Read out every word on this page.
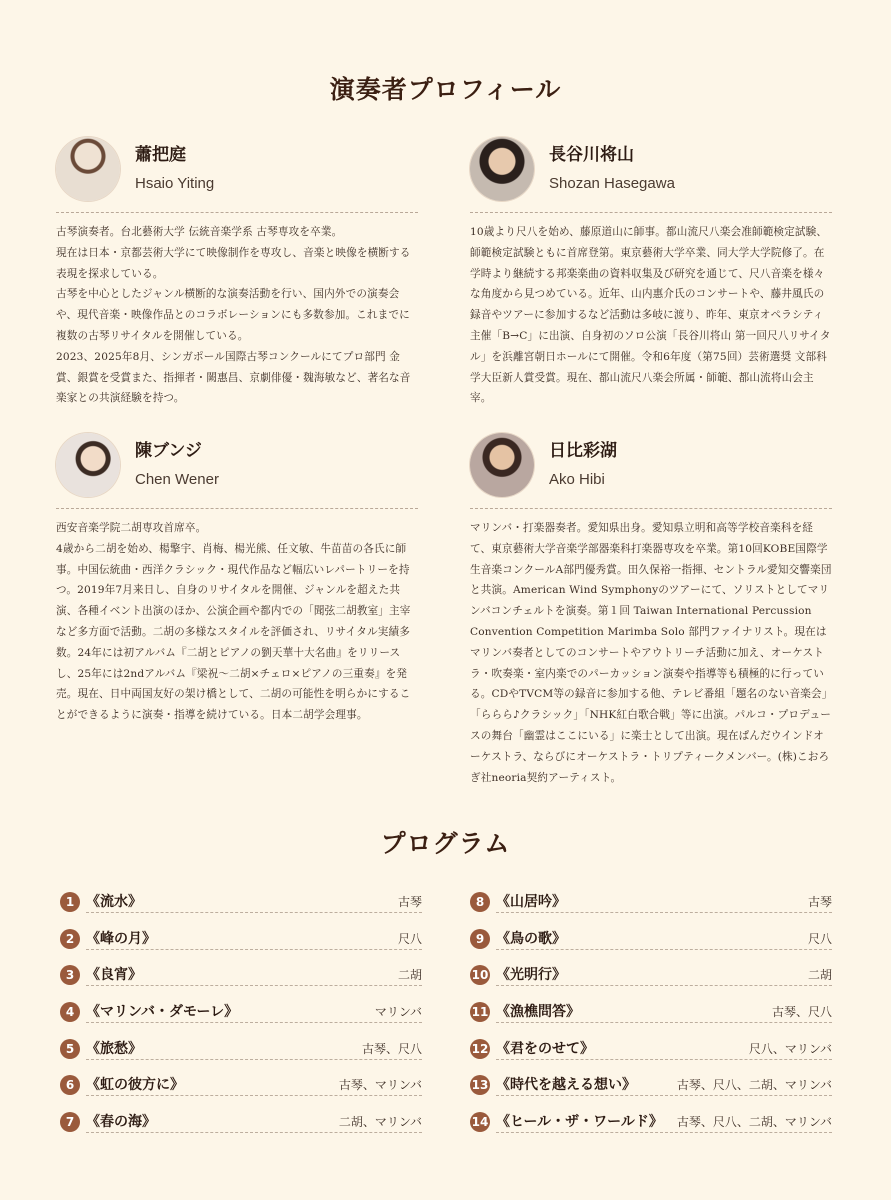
演奏者プロフィール
蕭把庭
Hsaio Yiting
古琴演奏者。台北藝術大学 伝統音楽学系 古琴専攻を卒業。
現在は日本・京都芸術大学にて映像制作を専攻し、音楽と映像を横断する表現を探求している。
古琴を中心としたジャンル横断的な演奏活動を行い、国内外での演奏会や、現代音楽・映像作品とのコラボレーションにも多数参加。これまでに複数の古琴リサイタルを開催している。
2023、2025年8月、シンガポール国際古琴コンクールにてプロ部門 金賞、銀賞を受賞また、指揮者・闕惠昌、京劇俳優・魏海敏など、著名な音楽家との共演経験を持つ。
長谷川将山
Shozan Hasegawa
10歳より尺八を始め、藤原道山に師事。都山流尺八楽会准師範検定試験、師範検定試験ともに首席登第。東京藝術大学卒業、同大学大学院修了。在学時より継続する邦楽楽曲の資料収集及び研究を通じて、尺八音楽を様々な角度から見つめている。近年、山内惠介氏のコンサートや、藤井風氏の録音やツアーに参加するなど活動は多岐に渡り、昨年、東京オペラシティ主催「B→C」に出演、自身初のソロ公演「長谷川将山 第一回尺八リサイタル」を浜離宮朝日ホールにて開催。令和6年度（第75回）芸術選奨 文部科学大臣新人賞受賞。現在、都山流尺八楽会所属・師範、都山流将山会主宰。
陳ブンジ
Chen Wener
西安音楽学院二胡専攻首席卒。
4歳から二胡を始め、楊擎宇、肖梅、楊光熊、任文敏、牛苗苗の各氏に師事。中国伝統曲・西洋クラシック・現代作品など幅広いレパートリーを持つ。2019年7月来日し、自身のリサイタルを開催、ジャンルを超えた共演、各種イベント出演のほか、公演企画や都内での「聞弦二胡教室」主宰など多方面で活動。二胡の多様なスタイルを評価され、リサイタル実績多数。24年には初アルバム『二胡とピアノの劉天華十大名曲』をリリースし、25年には2ndアルバム『梁祝〜二胡×チェロ×ピアノの三重奏』を発売。現在、日中両国友好の架け橋として、二胡の可能性を明らかにすることができるように演奏・指導を続けている。日本二胡学会理事。
日比彩湖
Ako Hibi
マリンバ・打楽器奏者。愛知県出身。愛知県立明和高等学校音楽科を経て、東京藝術大学音楽学部器楽科打楽器専攻を卒業。第10回KOBE国際学生音楽コンクールA部門優秀賞。田久保裕一指揮、セントラル愛知交響楽団と共演。American Wind Symphonyのツアーにて、ソリストとしてマリンバコンチェルトを演奏。第１回 Taiwan International Percussion Convention Competition Marimba Solo 部門ファイナリスト。現在はマリンバ奏者としてのコンサートやアウトリーチ活動に加え、オーケストラ・吹奏楽・室内楽でのパーカッション演奏や指導等も積極的に行っている。CDやTVCM等の録音に参加する他、テレビ番組「題名のない音楽会」「ららら♪クラシック」「NHK紅白歌合戦」等に出演。パルコ・プロデュースの舞台「幽霊はここにいる」に楽士として出演。現在ぱんだウインドオーケストラ、ならびにオーケストラ・トリプティークメンバー。(株)こおろぎ社neoria契約アーティスト。
プログラム
1 《流水》	古琴
2 《峰の月》	尺八
3 《良宵》	二胡
4 《マリンバ・ダモーレ》	マリンバ
5 《旅愁》	古琴、尺八
6 《虹の彼方に》	古琴、マリンバ
7 《春の海》	二胡、マリンバ
8 《山居吟》	古琴
9 《鳥の歌》	尺八
10 《光明行》	二胡
11 《漁樵問答》	古琴、尺八
12 《君をのせて》	尺八、マリンバ
13 《時代を越える想い》	古琴、尺八、二胡、マリンバ
14 《ヒール・ザ・ワールド》 古琴、尺八、二胡、マリンバ
